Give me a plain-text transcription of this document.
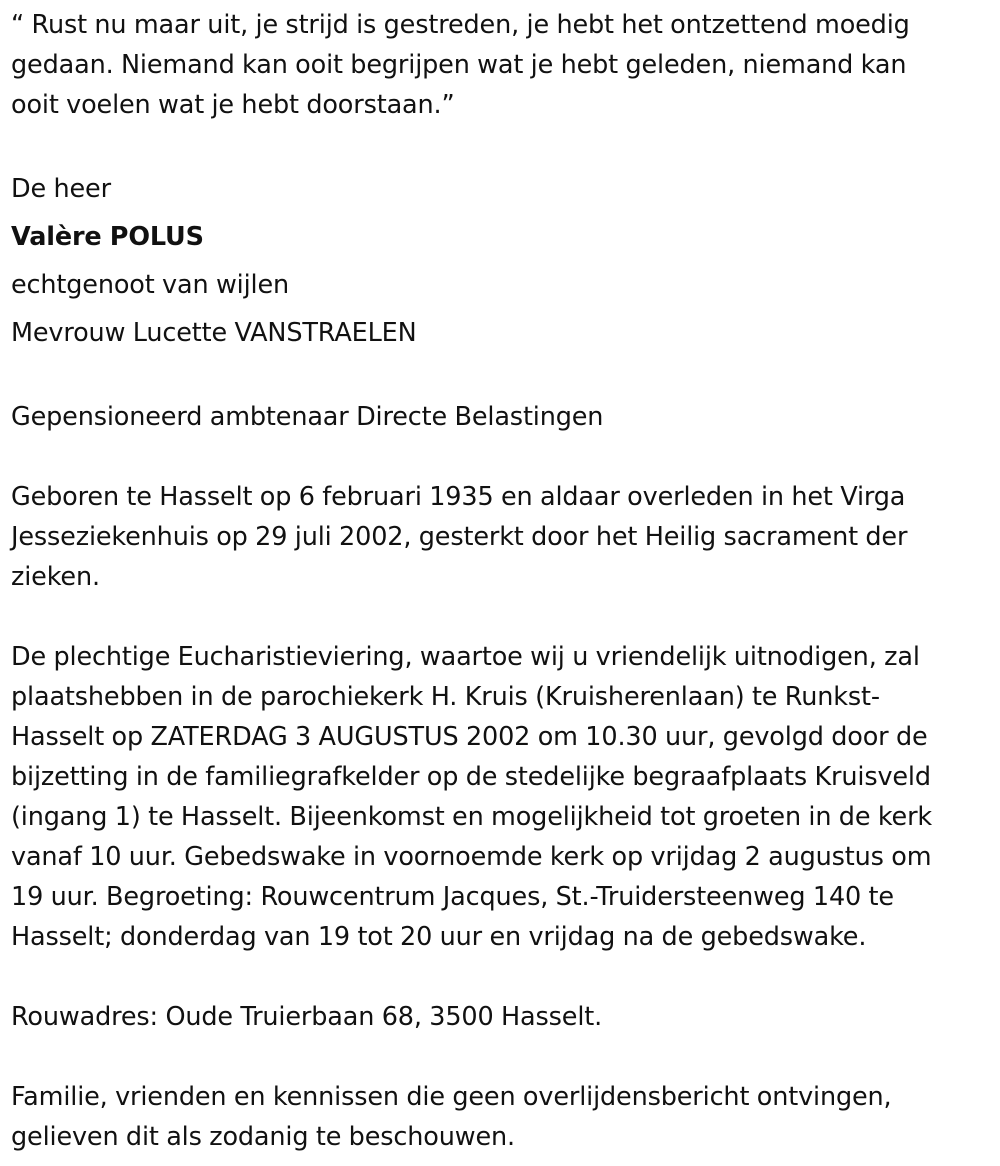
“ Rust nu maar uit, je strijd is gestreden, je hebt het ontzettend moedig
gedaan. Niemand kan ooit begrijpen wat je hebt geleden, niemand kan
ooit voelen wat je hebt doorstaan.”

De heer

Valère POLUS

echtgenoot van wijlen

Mevrouw Lucette VANSTRAELEN

Gepensioneerd ambtenaar Directe Belastingen

Geboren te Hasselt op 6 februari 1935 en aldaar overleden in het Virga
Jesseziekenhuis op 29 juli 2002, gesterkt door het Heilig sacrament der
zieken.

De plechtige Eucharistieviering, waartoe wij u vriendelijk uitnodigen, zal
plaatshebben in de parochiekerk H. Kruis (Kruisherenlaan) te Runkst-
Hasselt op ZATERDAG 3 AUGUSTUS 2002 om 10.30 uur, gevolgd door de
bijzetting in de familiegrafkelder op de stedelijke begraafplaats Kruisveld
(ingang 1) te Hasselt. Bijeenkomst en mogelijkheid tot groeten in de kerk
vanaf 10 uur. Gebedswake in voornoemde kerk op vrijdag 2 augustus om
19 uur. Begroeting: Rouwcentrum Jacques, St.-Truidersteenweg 140 te
Hasselt; donderdag van 19 tot 20 uur en vrijdag na de gebedswake.

Rouwadres: Oude Truierbaan 68, 3500 Hasselt.

Familie, vrienden en kennissen die geen overlijdensbericht ontvingen,
gelieven dit als zodanig te beschouwen.
